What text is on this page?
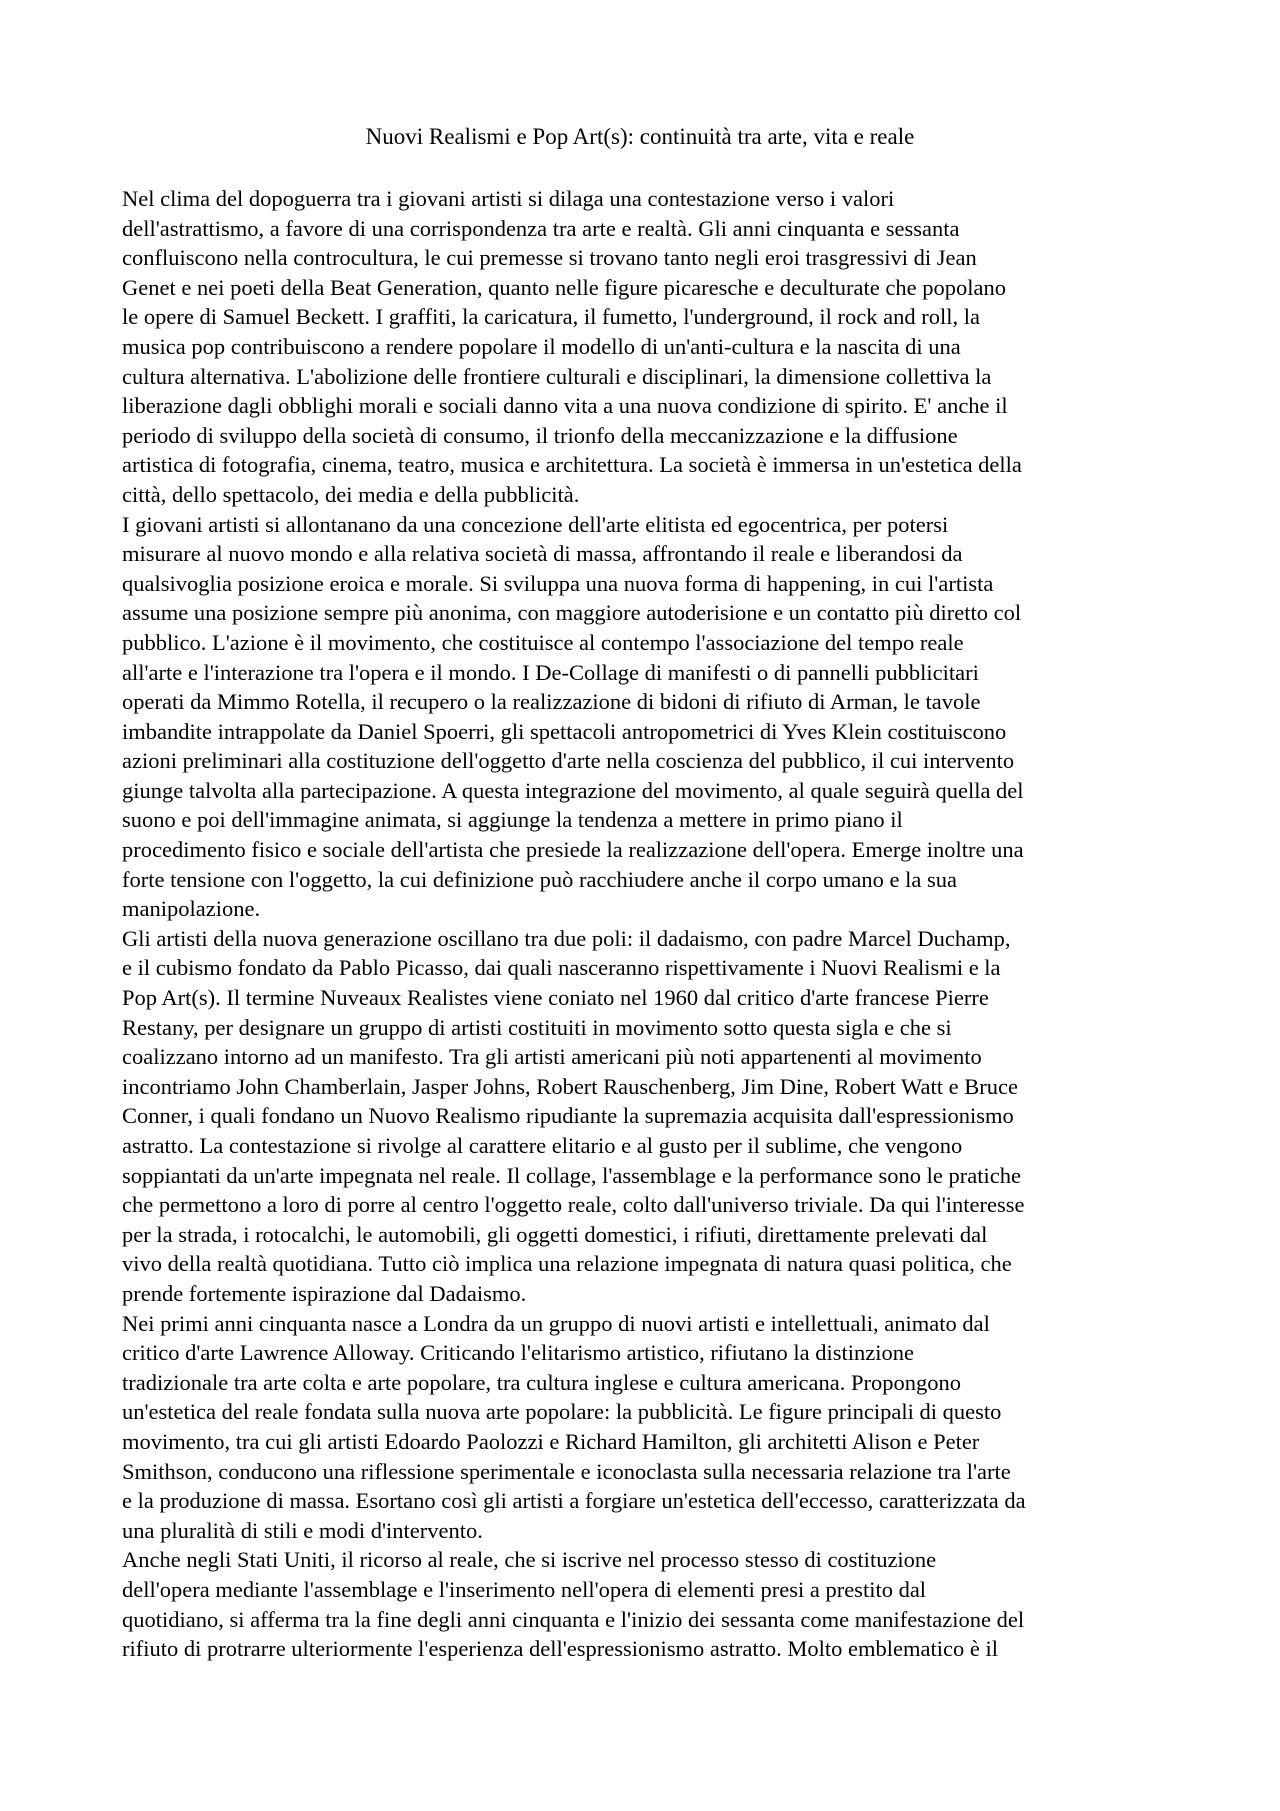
Nuovi Realismi e Pop Art(s): continuità tra arte, vita e reale

Nel clima del dopoguerra tra i giovani artisti si dilaga una contestazione verso i valori
dell'astrattismo, a favore di una corrispondenza tra arte e realtà. Gli anni cinquanta e sessanta
confluiscono nella controcultura, le cui premesse si trovano tanto negli eroi trasgressivi di Jean
Genet e nei poeti della Beat Generation, quanto nelle figure picaresche e deculturate che popolano
le opere di Samuel Beckett. I graffiti, la caricatura, il fumetto, l'underground, il rock and roll, la
musica pop contribuiscono a rendere popolare il modello di un'anti-cultura e la nascita di una
cultura alternativa. L'abolizione delle frontiere culturali e disciplinari, la dimensione collettiva la
liberazione dagli obblighi morali e sociali danno vita a una nuova condizione di spirito. E' anche il
periodo di sviluppo della società di consumo, il trionfo della meccanizzazione e la diffusione
artistica di fotografia, cinema, teatro, musica e architettura. La società è immersa in un'estetica della
città, dello spettacolo, dei media e della pubblicità.

I giovani artisti si allontanano da una concezione dell'arte elitista ed egocentrica, per potersi
misurare al nuovo mondo e alla relativa società di massa, affrontando il reale e liberandosi da
qualsivoglia posizione eroica e morale. Si sviluppa una nuova forma di happening, in cui l'artista
assume una posizione sempre più anonima, con maggiore autoderisione e un contatto più diretto col
pubblico. L'azione è il movimento, che costituisce al contempo l'associazione del tempo reale
all'arte e l'interazione tra l'opera e il mondo. I De-Collage di manifesti o di pannelli pubblicitari
operati da Mimmo Rotella, il recupero o la realizzazione di bidoni di rifiuto di Arman, le tavole
imbandite intrappolate da Daniel Spoerri, gli spettacoli antropometrici di Yves Klein costituiscono
azioni preliminari alla costituzione dell'oggetto d'arte nella coscienza del pubblico, il cui intervento
giunge talvolta alla partecipazione. A questa integrazione del movimento, al quale seguirà quella del
suono e poi dell'immagine animata, si aggiunge la tendenza a mettere in primo piano il
procedimento fisico e sociale dell'artista che presiede la realizzazione dell'opera. Emerge inoltre una
forte tensione con l'oggetto, la cui definizione può racchiudere anche il corpo umano e la sua
manipolazione.

Gli artisti della nuova generazione oscillano tra due poli: il dadaismo, con padre Marcel Duchamp,
e il cubismo fondato da Pablo Picasso, dai quali nasceranno rispettivamente i Nuovi Realismi e la
Pop Art(s). Il termine Nuveaux Realistes viene coniato nel 1960 dal critico d'arte francese Pierre
Restany, per designare un gruppo di artisti costituiti in movimento sotto questa sigla e che si
coalizzano intorno ad un manifesto. Tra gli artisti americani più noti appartenenti al movimento
incontriamo John Chamberlain, Jasper Johns, Robert Rauschenberg, Jim Dine, Robert Watt e Bruce
Conner, i quali fondano un Nuovo Realismo ripudiante la supremazia acquisita dall'espressionismo
astratto. La contestazione si rivolge al carattere elitario e al gusto per il sublime, che vengono
soppiantati da un'arte impegnata nel reale. Il collage, l'assemblage e la performance sono le pratiche
che permettono a loro di porre al centro l'oggetto reale, colto dall'universo triviale. Da qui l'interesse
per la strada, i rotocalchi, le automobili, gli oggetti domestici, i rifiuti, direttamente prelevati dal
vivo della realtà quotidiana. Tutto ciò implica una relazione impegnata di natura quasi politica, che
prende fortemente ispirazione dal Dadaismo.

Nei primi anni cinquanta nasce a Londra da un gruppo di nuovi artisti e intellettuali, animato dal
critico d'arte Lawrence Alloway. Criticando l'elitarismo artistico, rifiutano la distinzione
tradizionale tra arte colta e arte popolare, tra cultura inglese e cultura americana. Propongono
un'estetica del reale fondata sulla nuova arte popolare: la pubblicità. Le figure principali di questo
movimento, tra cui gli artisti Edoardo Paolozzi e Richard Hamilton, gli architetti Alison e Peter
Smithson, conducono una riflessione sperimentale e iconoclasta sulla necessaria relazione tra l'arte
e la produzione di massa. Esortano così gli artisti a forgiare un'estetica dell'eccesso, caratterizzata da
una pluralità di stili e modi d'intervento.

Anche negli Stati Uniti, il ricorso al reale, che si iscrive nel processo stesso di costituzione
dell'opera mediante l'assemblage e l'inserimento nell'opera di elementi presi a prestito dal
quotidiano, si afferma tra la fine degli anni cinquanta e l'inizio dei sessanta come manifestazione del
rifiuto di protrarre ulteriormente l'esperienza dell'espressionismo astratto. Molto emblematico è il
